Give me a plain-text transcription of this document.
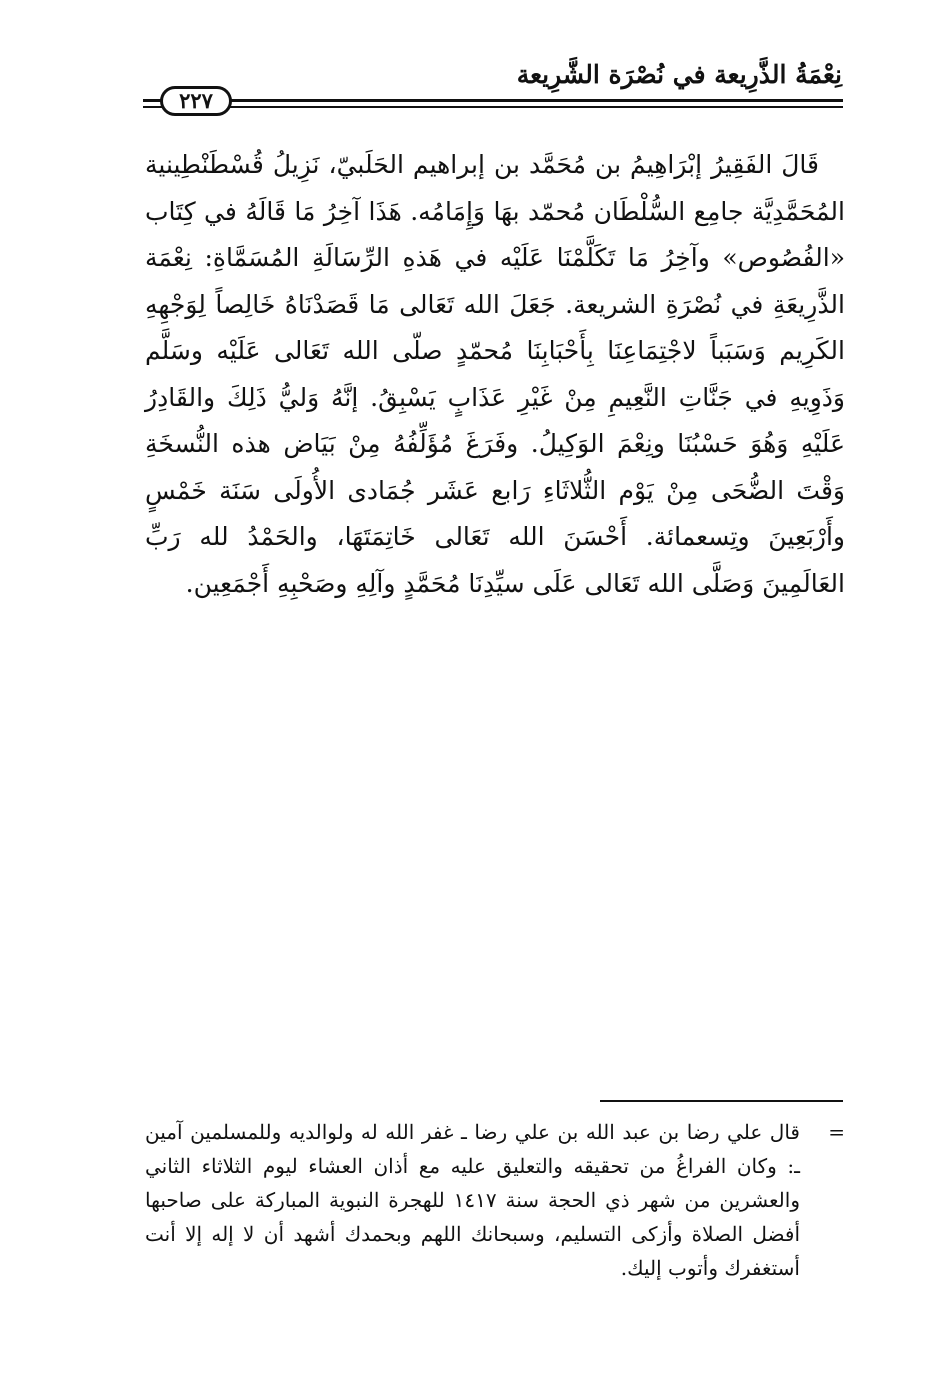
نِعْمَةُ الذَّرِيعة في نُصْرَة الشَّرِيعة
٢٢٧

قَالَ الفَقِيرُ إبْرَاهِيمُ بن مُحَمَّد بن إبراهيم الحَلَبيّ، نَزِيلُ قُسْطَنْطِينية المُحَمَّدِيَّة جامِع السُّلْطَان مُحمّد بهَا وَإِمَامُه. هَذَا آخِرُ مَا قَالَهُ في كِتَاب «الفُصُوص» وآخِرُ مَا تَكَلَّمْنَا عَلَيْه في هَذهِ الرِّسَالَةِ المُسَمَّاةِ: نِعْمَة الذَّرِيعَةِ في نُصْرَةِ الشريعة. جَعَلَ الله تَعَالى مَا قَصَدْنَاهُ خَالِصاً لِوَجْهِهِ الكَرِيم وَسَبَباً لاجْتِمَاعِنَا بِأَحْبَابِنَا مُحمّدٍ صلّى الله تَعَالى عَلَيْه وسَلَّم وَذَوِيهِ في جَنَّاتِ النَّعِيمِ مِنْ غَيْرِ عَذَابٍ يَسْبِقُ. إنَّهُ وَليُّ ذَلِكَ والقَادِرُ عَلَيْهِ وَهُوَ حَسْبُنَا ونِعْمَ الوَكِيلُ. وفَرَغَ مُؤَلِّفُهُ مِنْ بَيَاض هذه النُّسخَةِ وَقْتَ الضُّحَى مِنْ يَوْم الثُّلاثَاءِ رَابع عَشَر جُمَادى الأُولَى سَنَة خَمْسٍ وأَرْبَعِينَ وتِسعمائة. أَحْسَنَ الله تَعَالى خَاتِمَتَهَا، والحَمْدُ لله رَبِّ العَالَمِينَ وَصَلَّى الله تَعَالى عَلَى سيِّدِنَا مُحَمَّدٍ وآلِهِ وصَحْبِهِ أَجْمَعِين.

=

قال علي رضا بن عبد الله بن علي رضا ـ غفر الله له ولوالديه وللمسلمين آمين ـ: وكان الفراغُ من تحقيقه والتعليق عليه مع أذان العشاء ليوم الثلاثاء الثاني والعشرين من شهر ذي الحجة سنة ١٤١٧ للهجرة النبوية المباركة على صاحبها أفضل الصلاة وأزكى التسليم، وسبحانك اللهم وبحمدك أشهد أن لا إله إلا أنت أستغفرك وأتوب إليك.
